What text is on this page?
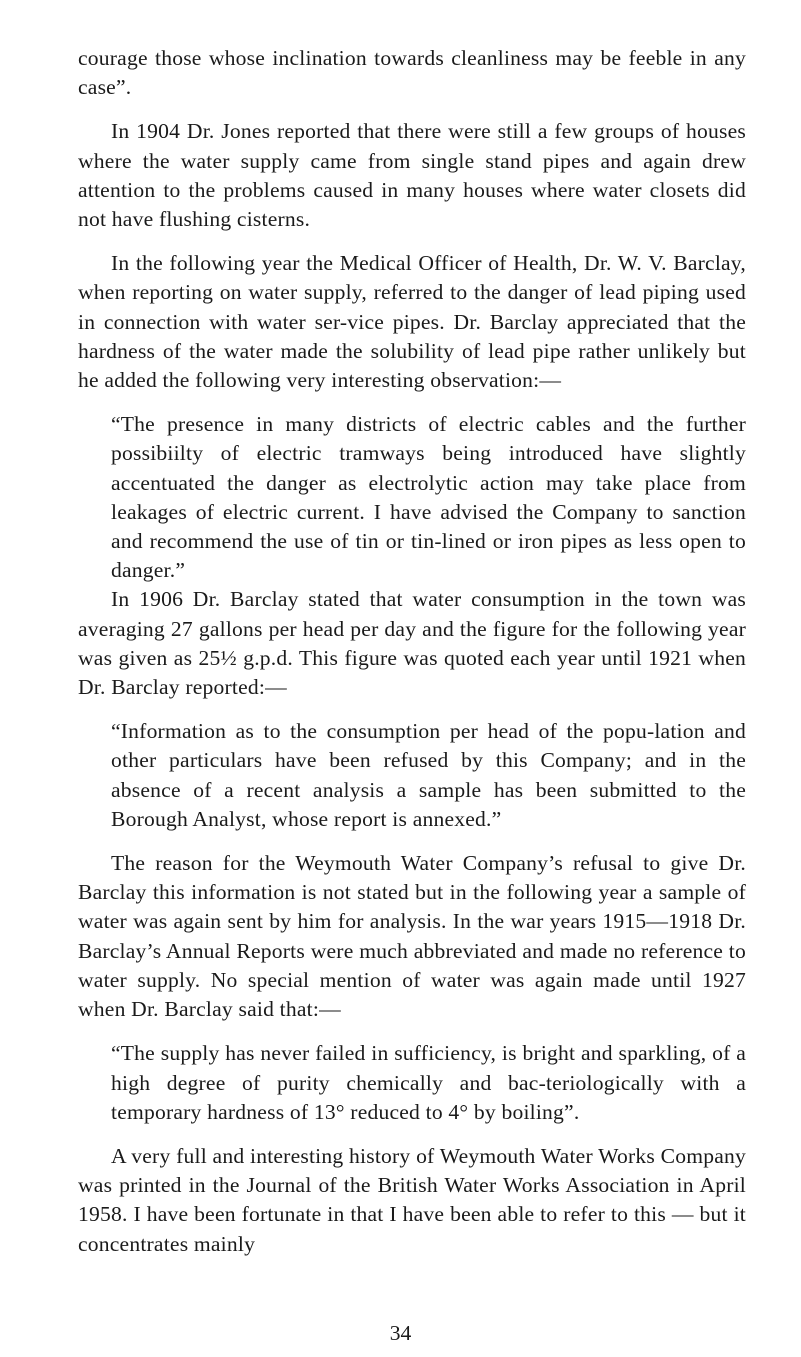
courage those whose inclination towards cleanliness may be feeble in any case”.

In 1904 Dr. Jones reported that there were still a few groups of houses where the water supply came from single stand pipes and again drew attention to the problems caused in many houses where water closets did not have flushing cisterns.

In the following year the Medical Officer of Health, Dr. W. V. Barclay, when reporting on water supply, referred to the danger of lead piping used in connection with water ser-vice pipes. Dr. Barclay appreciated that the hardness of the water made the solubility of lead pipe rather unlikely but he added the following very interesting observation:—

“The presence in many districts of electric cables and the further possibiilty of electric tramways being introduced have slightly accentuated the danger as electrolytic action may take place from leakages of electric current. I have advised the Company to sanction and recommend the use of tin or tin-lined or iron pipes as less open to danger.”

In 1906 Dr. Barclay stated that water consumption in the town was averaging 27 gallons per head per day and the figure for the following year was given as 25½ g.p.d. This figure was quoted each year until 1921 when Dr. Barclay reported:—

“Information as to the consumption per head of the popu-lation and other particulars have been refused by this Company; and in the absence of a recent analysis a sample has been submitted to the Borough Analyst, whose report is annexed.”

The reason for the Weymouth Water Company’s refusal to give Dr. Barclay this information is not stated but in the following year a sample of water was again sent by him for analysis. In the war years 1915—1918 Dr. Barclay’s Annual Reports were much abbreviated and made no reference to water supply. No special mention of water was again made until 1927 when Dr. Barclay said that:—

“The supply has never failed in sufficiency, is bright and sparkling, of a high degree of purity chemically and bac-teriologically with a temporary hardness of 13° reduced to 4° by boiling”.

A very full and interesting history of Weymouth Water Works Company was printed in the Journal of the British Water Works Association in April 1958. I have been fortunate in that I have been able to refer to this — but it concentrates mainly

34
